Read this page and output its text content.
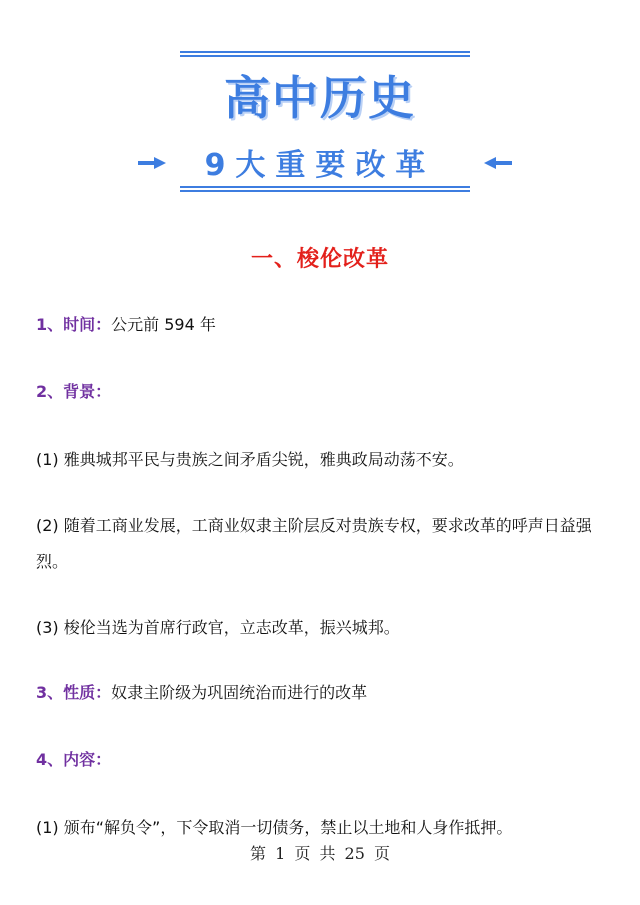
高中历史
9大重要改革
一、梭伦改革
1、时间：公元前 594 年
2、背景：
(1) 雅典城邦平民与贵族之间矛盾尖锐，雅典政局动荡不安。
(2) 随着工商业发展，工商业奴隶主阶层反对贵族专权，要求改革的呼声日益强烈。
(3) 梭伦当选为首席行政官，立志改革，振兴城邦。
3、性质：奴隶主阶级为巩固统治而进行的改革
4、内容：
(1) 颁布“解负令”，下令取消一切债务，禁止以土地和人身作抵押。
第 1 页 共 25 页
